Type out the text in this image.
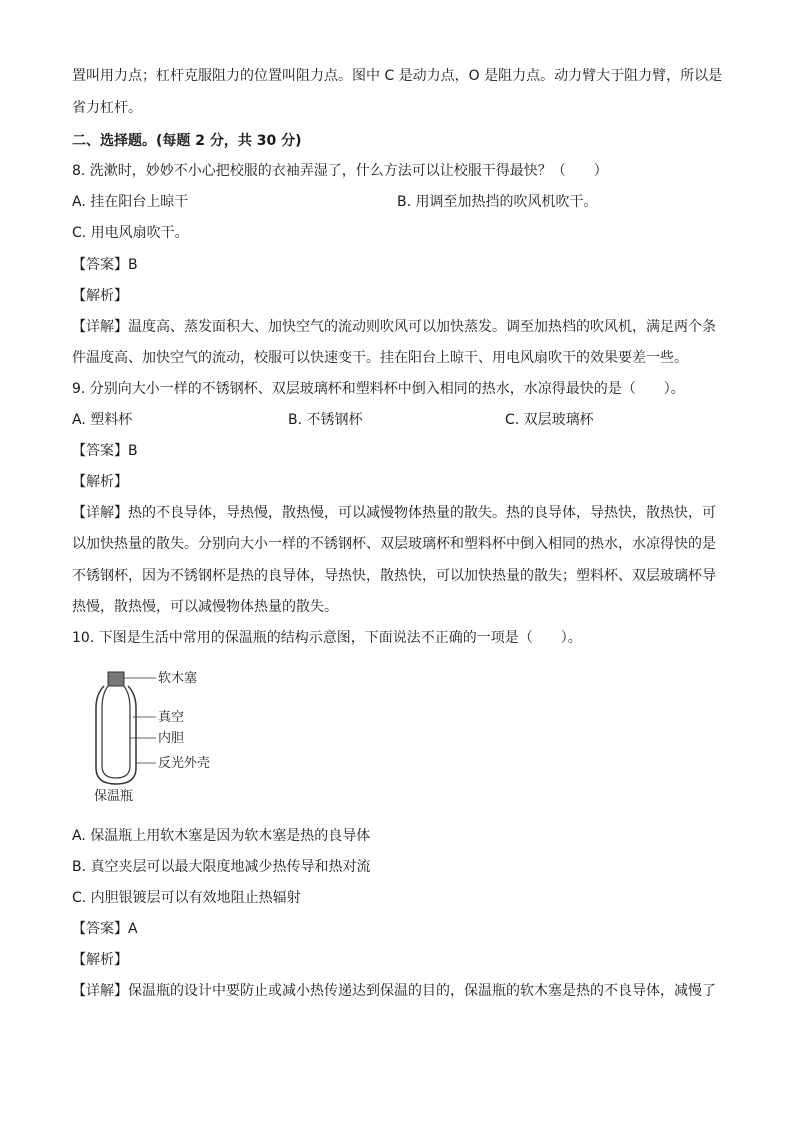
置叫用力点；杠杆克服阻力的位置叫阻力点。图中 C 是动力点，O 是阻力点。动力臂大于阻力臂，所以是
省力杠杆。
二、选择题。(每题 2 分，共 30 分)
8. 洗漱时，妙妙不小心把校服的衣袖弄湿了，什么方法可以让校服干得最快？（　　）
A. 挂在阳台上晾干	B. 用调至加热挡的吹风机吹干。
C. 用电风扇吹干。
【答案】B
【解析】
【详解】温度高、蒸发面积大、加快空气的流动则吹风可以加快蒸发。调至加热档的吹风机，满足两个条
件温度高、加快空气的流动，校服可以快速变干。挂在阳台上晾干、用电风扇吹干的效果要差一些。
9. 分别向大小一样的不锈钢杯、双层玻璃杯和塑料杯中倒入相同的热水，水凉得最快的是（　　）。
A. 塑料杯	B. 不锈钢杯	C. 双层玻璃杯
【答案】B
【解析】
【详解】热的不良导体，导热慢，散热慢，可以减慢物体热量的散失。热的良导体，导热快，散热快，可
以加快热量的散失。分别向大小一样的不锈钢杯、双层玻璃杯和塑料杯中倒入相同的热水，水凉得快的是
不锈钢杯，因为不锈钢杯是热的良导体，导热快，散热快，可以加快热量的散失；塑料杯、双层玻璃杯导
热慢，散热慢，可以减慢物体热量的散失。
10. 下图是生活中常用的保温瓶的结构示意图，下面说法不正确的一项是（　　）。
软木塞
真空
内胆
反光外壳
保温瓶
A. 保温瓶上用软木塞是因为软木塞是热的良导体
B. 真空夹层可以最大限度地减少热传导和热对流
C. 内胆银镀层可以有效地阻止热辐射
【答案】A
【解析】
【详解】保温瓶的设计中要防止或减小热传递达到保温的目的，保温瓶的软木塞是热的不良导体，减慢了
